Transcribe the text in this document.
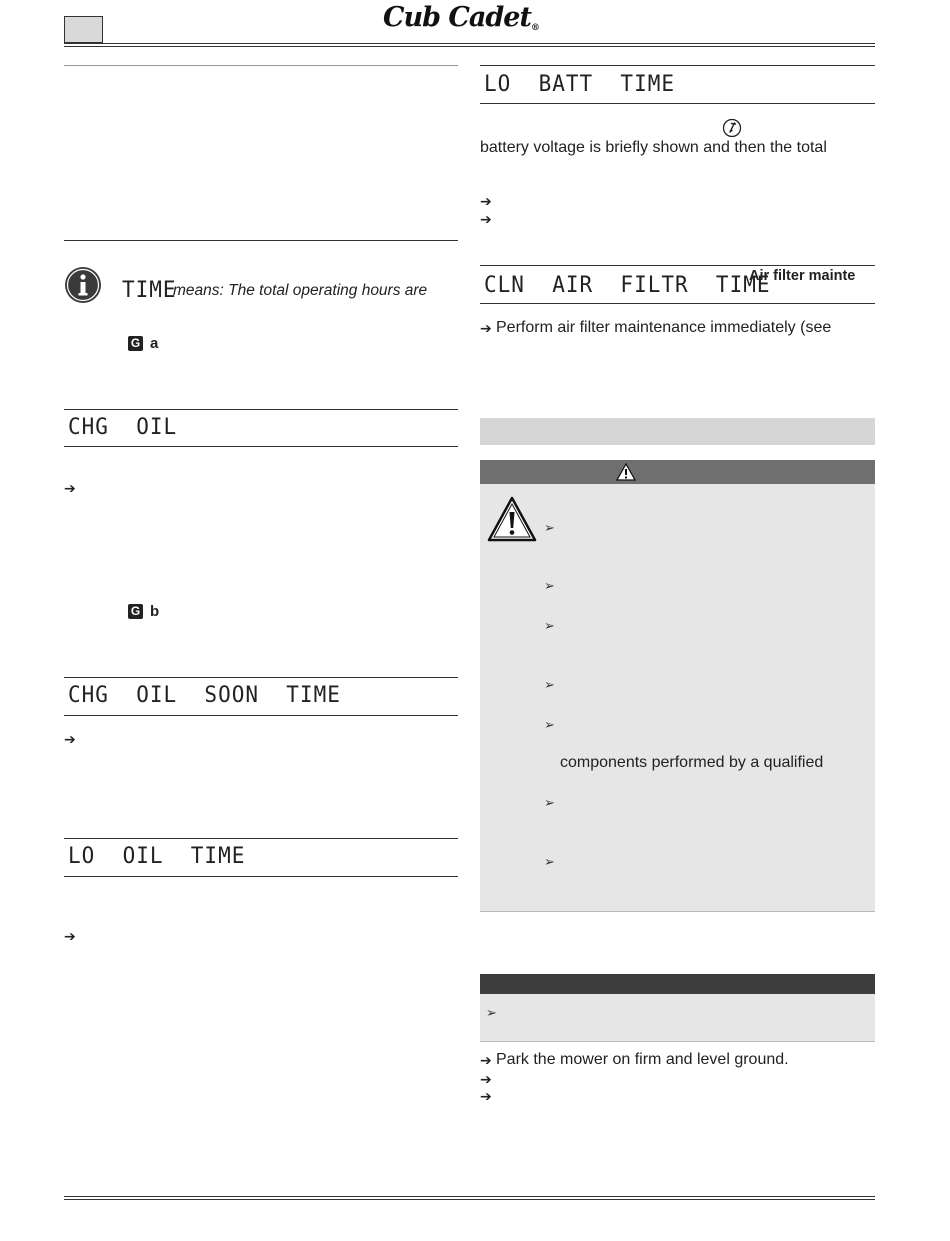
Cub Cadet®
TIME
means: The total operating hours are
G a
CHG  OIL
➔
G b
CHG  OIL  SOON  TIME
➔
LO  OIL  TIME
➔
LO  BATT  TIME
battery voltage is briefly shown and then the total
➔
➔
CLN  AIR  FILTR  TIME
Air filter mainte
➔ Perform air filter maintenance immediately (see
➢
➢
➢
➢
➢
components performed by a qualified
➢
➢
➢
➔ Park the mower on firm and level ground.
➔
➔
